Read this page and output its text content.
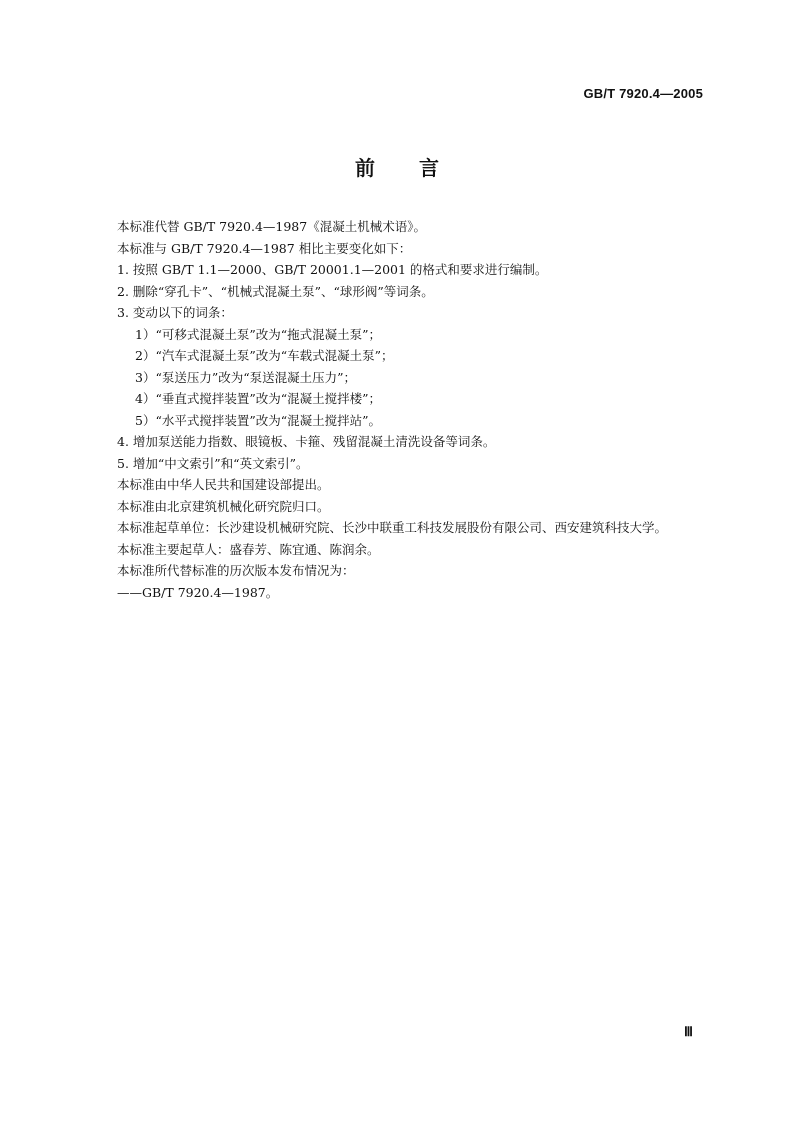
GB/T 7920.4—2005
前言
本标准代替 GB/T 7920.4—1987《混凝土机械术语》。
本标准与 GB/T 7920.4—1987 相比主要变化如下：
1. 按照 GB/T 1.1—2000、GB/T 20001.1—2001 的格式和要求进行编制。
2. 删除“穿孔卡”、“机械式混凝土泵”、“球形阀”等词条。
3. 变动以下的词条：
1）“可移式混凝土泵”改为“拖式混凝土泵”；
2）“汽车式混凝土泵”改为“车载式混凝土泵”；
3）“泵送压力”改为“泵送混凝土压力”；
4）“垂直式搅拌装置”改为“混凝土搅拌楼”；
5）“水平式搅拌装置”改为“混凝土搅拌站”。
4. 增加泵送能力指数、眼镜板、卡箍、残留混凝土清洗设备等词条。
5. 增加“中文索引”和“英文索引”。
本标准由中华人民共和国建设部提出。
本标准由北京建筑机械化研究院归口。
本标准起草单位：长沙建设机械研究院、长沙中联重工科技发展股份有限公司、西安建筑科技大学。
本标准主要起草人：盛春芳、陈宜通、陈润余。
本标准所代替标准的历次版本发布情况为：
——GB/T 7920.4—1987。
Ⅲ
